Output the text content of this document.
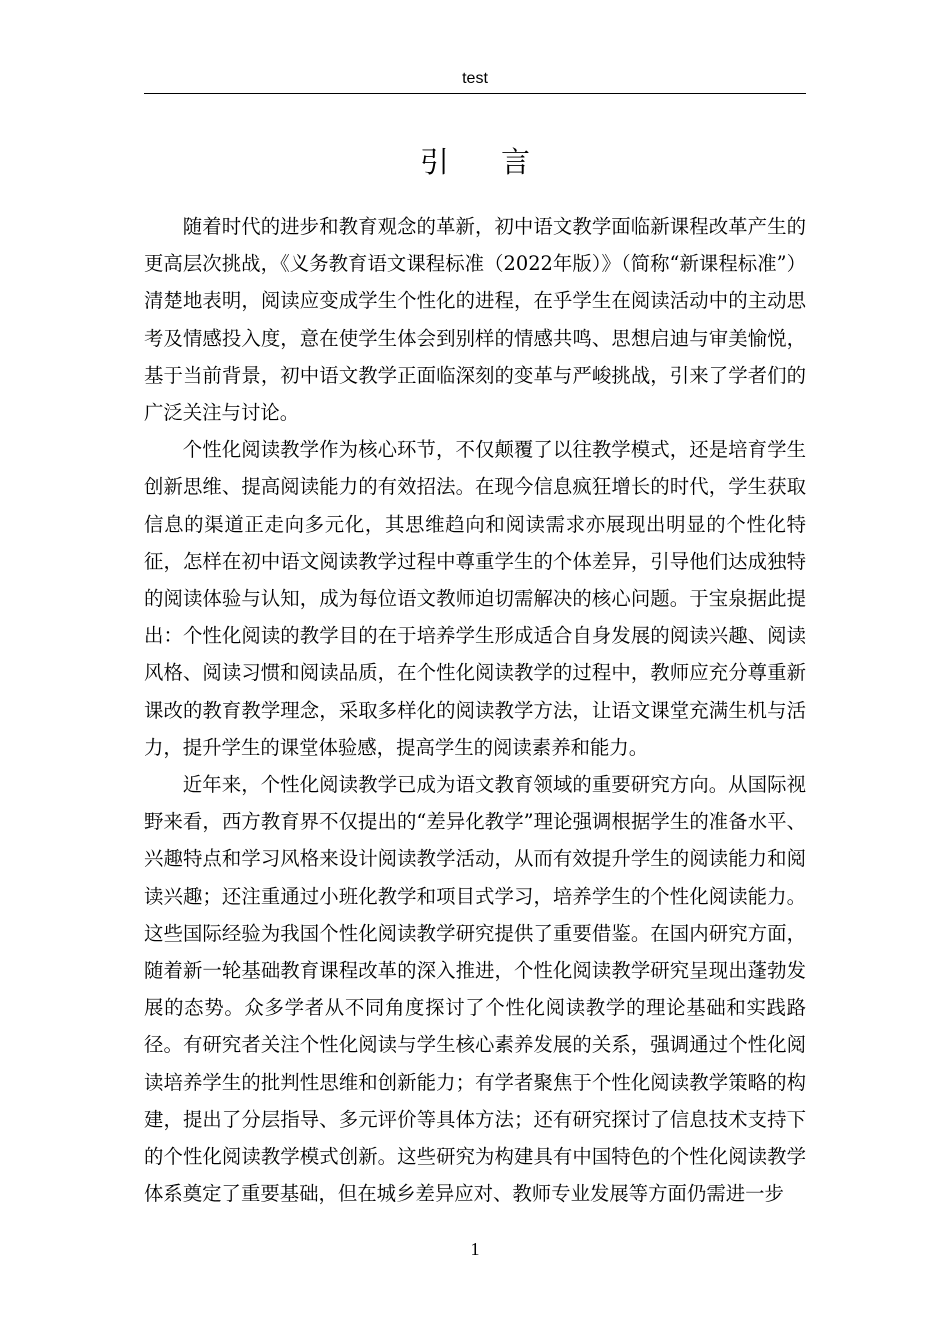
test
引言

随着时代的进步和教育观念的革新，初中语文教学面临新课程改革产生的更高层次挑战，《义务教育语文课程标准（2022年版）》（简称“新课程标准”）清楚地表明，阅读应变成学生个性化的进程，在乎学生在阅读活动中的主动思考及情感投入度，意在使学生体会到别样的情感共鸣、思想启迪与审美愉悦，基于当前背景，初中语文教学正面临深刻的变革与严峻挑战，引来了学者们的广泛关注与讨论。

个性化阅读教学作为核心环节，不仅颠覆了以往教学模式，还是培育学生创新思维、提高阅读能力的有效招法。在现今信息疯狂增长的时代，学生获取信息的渠道正走向多元化，其思维趋向和阅读需求亦展现出明显的个性化特征，怎样在初中语文阅读教学过程中尊重学生的个体差异，引导他们达成独特的阅读体验与认知，成为每位语文教师迫切需解决的核心问题。于宝泉据此提出：个性化阅读的教学目的在于培养学生形成适合自身发展的阅读兴趣、阅读风格、阅读习惯和阅读品质，在个性化阅读教学的过程中，教师应充分尊重新课改的教育教学理念，采取多样化的阅读教学方法，让语文课堂充满生机与活力，提升学生的课堂体验感，提高学生的阅读素养和能力。

近年来，个性化阅读教学已成为语文教育领域的重要研究方向。从国际视野来看，西方教育界不仅提出的“差异化教学”理论强调根据学生的准备水平、兴趣特点和学习风格来设计阅读教学活动，从而有效提升学生的阅读能力和阅读兴趣；还注重通过小班化教学和项目式学习，培养学生的个性化阅读能力。这些国际经验为我国个性化阅读教学研究提供了重要借鉴。在国内研究方面，随着新一轮基础教育课程改革的深入推进，个性化阅读教学研究呈现出蓬勃发展的态势。众多学者从不同角度探讨了个性化阅读教学的理论基础和实践路径。有研究者关注个性化阅读与学生核心素养发展的关系，强调通过个性化阅读培养学生的批判性思维和创新能力；有学者聚焦于个性化阅读教学策略的构建，提出了分层指导、多元评价等具体方法；还有研究探讨了信息技术支持下的个性化阅读教学模式创新。这些研究为构建具有中国特色的个性化阅读教学体系奠定了重要基础，但在城乡差异应对、教师专业发展等方面仍需进一步

1
